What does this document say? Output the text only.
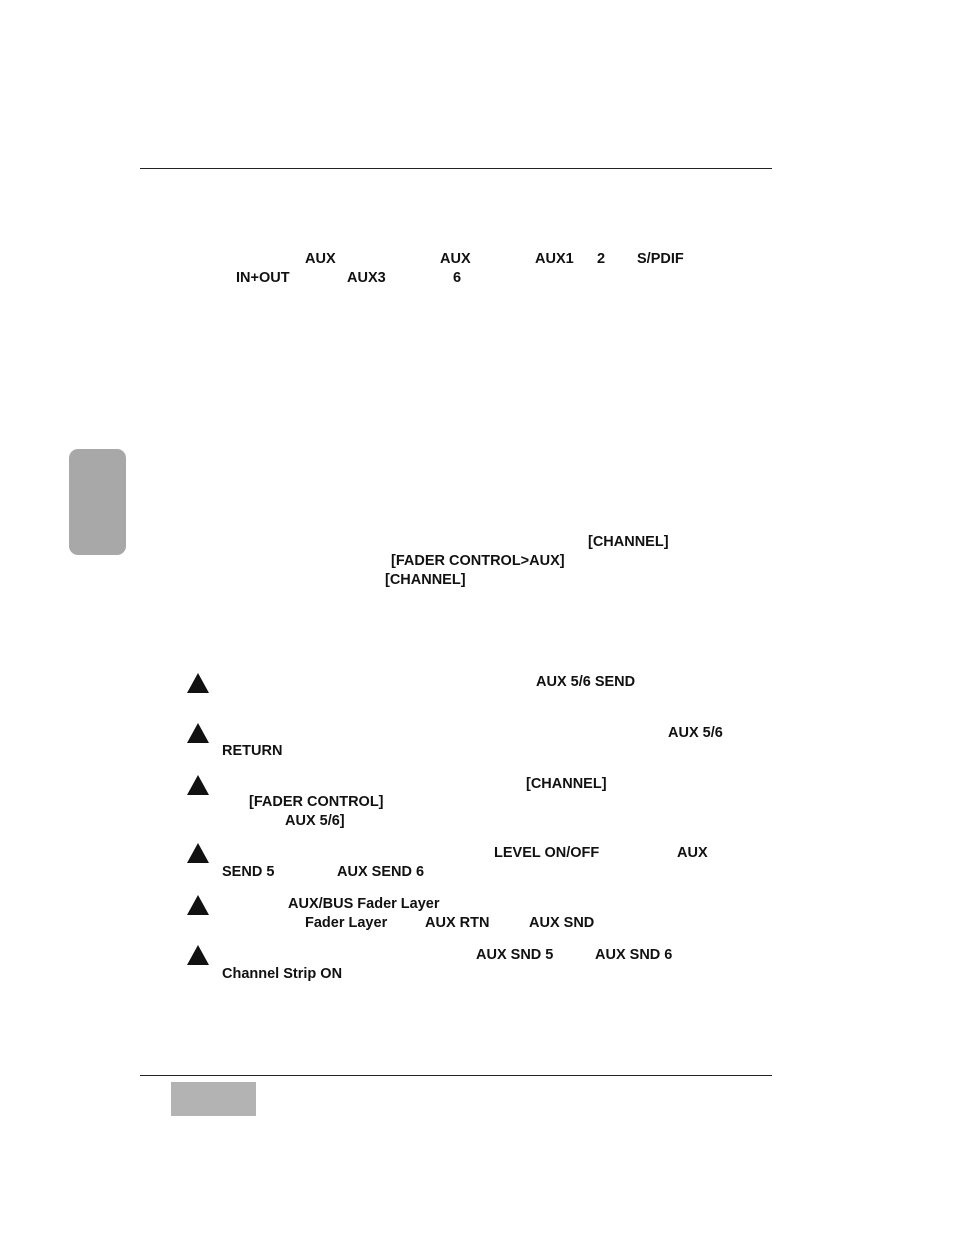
AUX	AUX	AUX1 2 S/PDIF
IN+OUT	AUX3	6
[CHANNEL]
[FADER CONTROL>AUX]
[CHANNEL]
AUX 5/6 SEND
AUX 5/6
RETURN
[CHANNEL]
[FADER CONTROL]
AUX 5/6]
LEVEL ON/OFF	AUX
SEND 5	AUX SEND 6
AUX/BUS Fader Layer
Fader Layer	AUX RTN	AUX SND
AUX SND 5	AUX SND 6
Channel Strip ON
